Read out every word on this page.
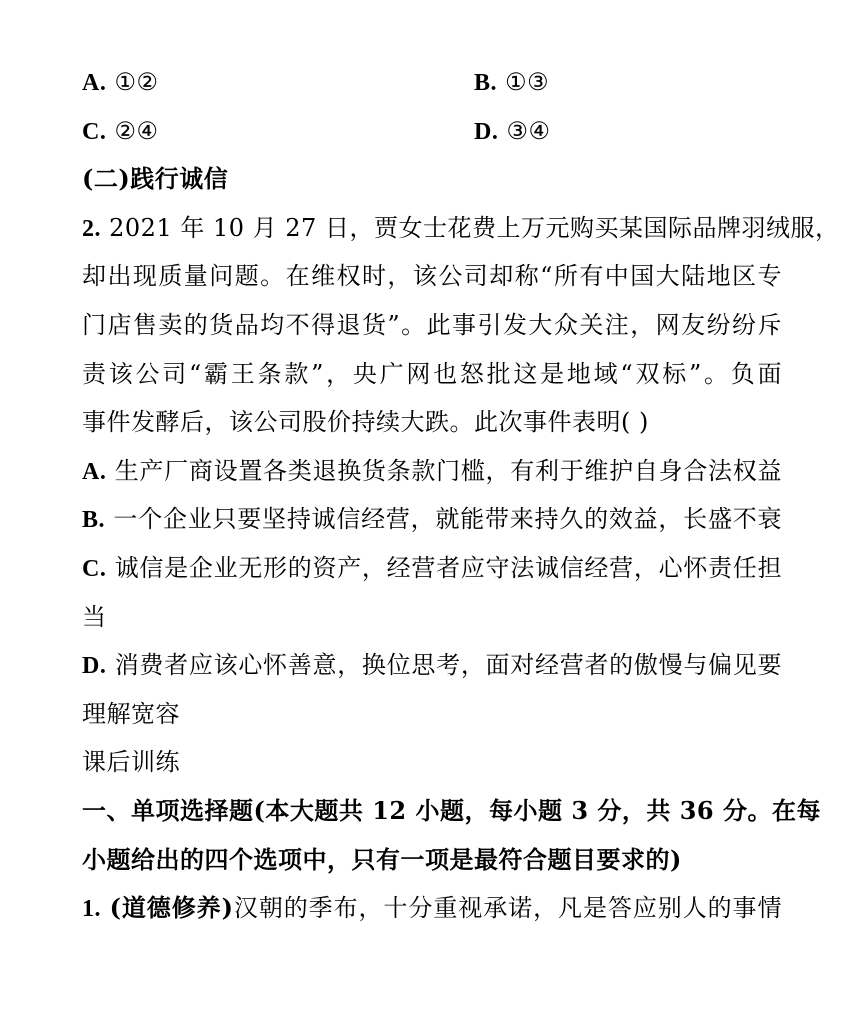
A. ①②	B. ①③
C. ②④	D. ③④
(二)践行诚信
2. 2021 年 10 月 27 日，贾女士花费上万元购买某国际品牌羽绒服，
却出现质量问题。在维权时，该公司却称“所有中国大陆地区专
门店售卖的货品均不得退货”。此事引发大众关注，网友纷纷斥
责该公司“霸王条款”，央广网也怒批这是地域“双标”。负面
事件发酵后，该公司股价持续大跌。此次事件表明( )
A. 生产厂商设置各类退换货条款门槛，有利于维护自身合法权益
B. 一个企业只要坚持诚信经营，就能带来持久的效益，长盛不衰
C. 诚信是企业无形的资产，经营者应守法诚信经营，心怀责任担
当
D. 消费者应该心怀善意，换位思考，面对经营者的傲慢与偏见要
理解宽容
课后训练
一、单项选择题(本大题共 12 小题，每小题 3 分，共 36 分。在每
小题给出的四个选项中，只有一项是最符合题目要求的)
1. (道德修养)汉朝的季布，十分重视承诺，凡是答应别人的事情
